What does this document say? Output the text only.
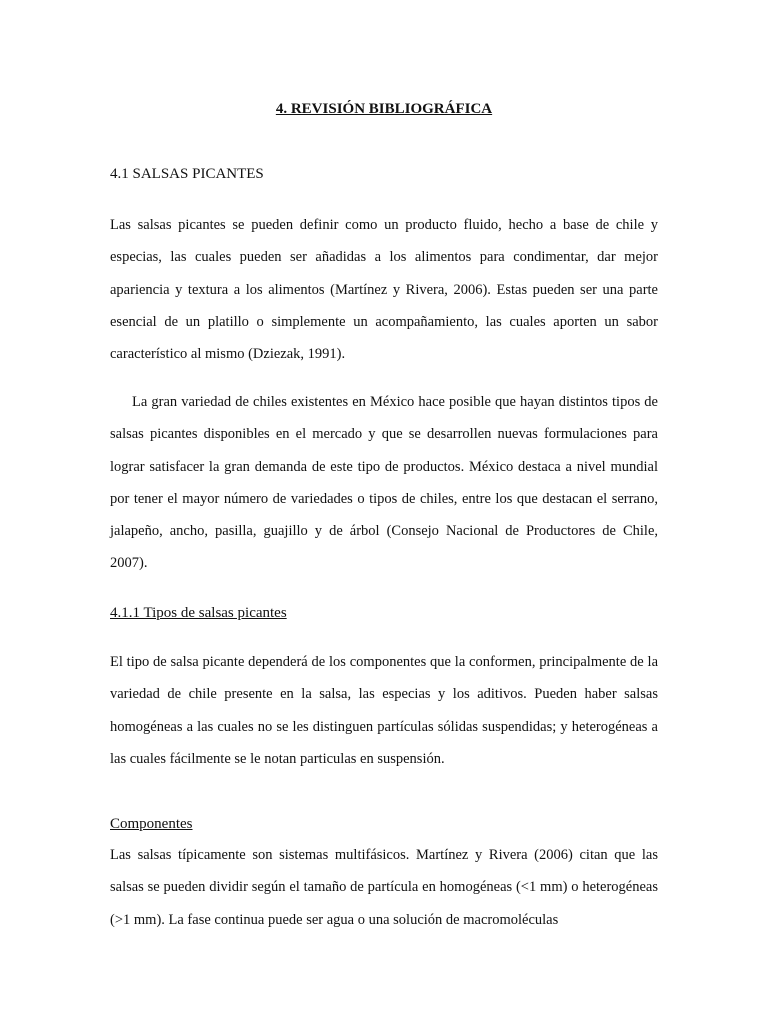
4. REVISIÓN BIBLIOGRÁFICA
4.1 SALSAS PICANTES

Las salsas picantes se pueden definir como un producto fluido, hecho a base de chile y especias, las cuales pueden ser añadidas a los alimentos para condimentar, dar mejor apariencia y textura a los alimentos (Martínez y Rivera, 2006). Estas pueden ser una parte esencial de un platillo o simplemente un acompañamiento, las cuales aporten un sabor característico al mismo (Dziezak, 1991).

La gran variedad de chiles existentes en México hace posible que hayan distintos tipos de salsas picantes disponibles en el mercado y que se desarrollen nuevas formulaciones para lograr satisfacer la gran demanda de este tipo de productos. México destaca a nivel mundial por tener el mayor número de variedades o tipos de chiles, entre los que destacan el serrano, jalapeño, ancho, pasilla, guajillo y de árbol (Consejo Nacional de Productores de Chile, 2007).

4.1.1 Tipos de salsas picantes

El tipo de salsa picante dependerá de los componentes que la conformen, principalmente de la variedad de chile presente en la salsa, las especias y los aditivos. Pueden haber salsas homogéneas a las cuales no se les distinguen partículas sólidas suspendidas; y heterogéneas a las cuales fácilmente se le notan particulas en suspensión.

Componentes

Las salsas típicamente son sistemas multifásicos. Martínez y Rivera (2006) citan que las salsas se pueden dividir según el tamaño de partícula en homogéneas (<1 mm) o heterogéneas (>1 mm). La fase continua puede ser agua o una solución de macromoléculas
